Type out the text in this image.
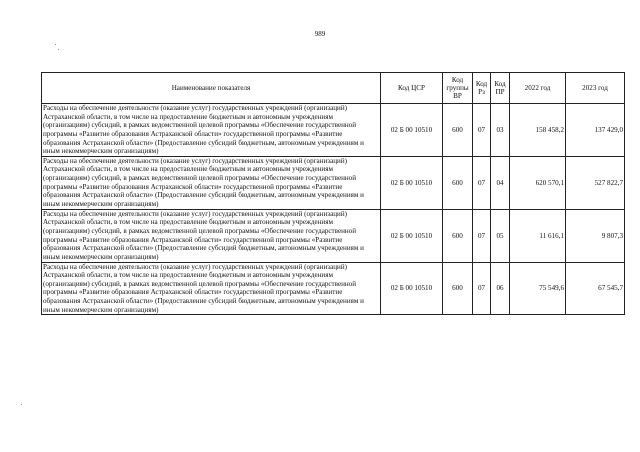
989
Наименование показателя	Код ЦСР	Код группы ВР	Код Рз	Код ПР	2022 год	2023 год
Расходы на обеспечение деятельности (оказание услуг) государственных учреждений (организаций) Астраханской области, в том числе на предоставление бюджетным и автономным учреждениям (организациям) субсидий, в рамках ведомственной целевой программы «Обеспечение государственной программы «Развитие образования Астраханской области» государственной программы «Развитие образования Астраханской области» (Предоставление субсидий бюджетным, автономным учреждениям и иным некоммерческим организациям)	02 Б 00 10510	600	07	03	158 458,2	137 429,0
Расходы на обеспечение деятельности (оказание услуг) государственных учреждений (организаций) Астраханской области, в том числе на предоставление бюджетным и автономным учреждениям (организациям) субсидий, в рамках ведомственной целевой программы «Обеспечение государственной программы «Развитие образования Астраханской области» государственной программы «Развитие образования Астраханской области» (Предоставление субсидий бюджетным, автономным учреждениям и иным некоммерческим организациям)	02 Б 00 10510	600	07	04	620 570,1	527 822,7
Расходы на обеспечение деятельности (оказание услуг) государственных учреждений (организаций) Астраханской области, в том числе на предоставление бюджетным и автономным учреждениям (организациям) субсидий, в рамках ведомственной целевой программы «Обеспечение государственной программы «Развитие образования Астраханской области» государственной программы «Развитие образования Астраханской области» (Предоставление субсидий бюджетным, автономным учреждениям и иным некоммерческим организациям)	02 Б 00 10510	600	07	05	11 616,1	9 807,3
Расходы на обеспечение деятельности (оказание услуг) государственных учреждений (организаций) Астраханской области, в том числе на предоставление бюджетным и автономным учреждениям (организациям) субсидий, в рамках ведомственной целевой программы «Обеспечение государственной программы «Развитие образования Астраханской области» государственной программы «Развитие образования Астраханской области» (Предоставление субсидий бюджетным, автономным учреждениям и иным некоммерческим организациям)	02 Б 00 10510	600	07	06	75 549,6	67 545,7
